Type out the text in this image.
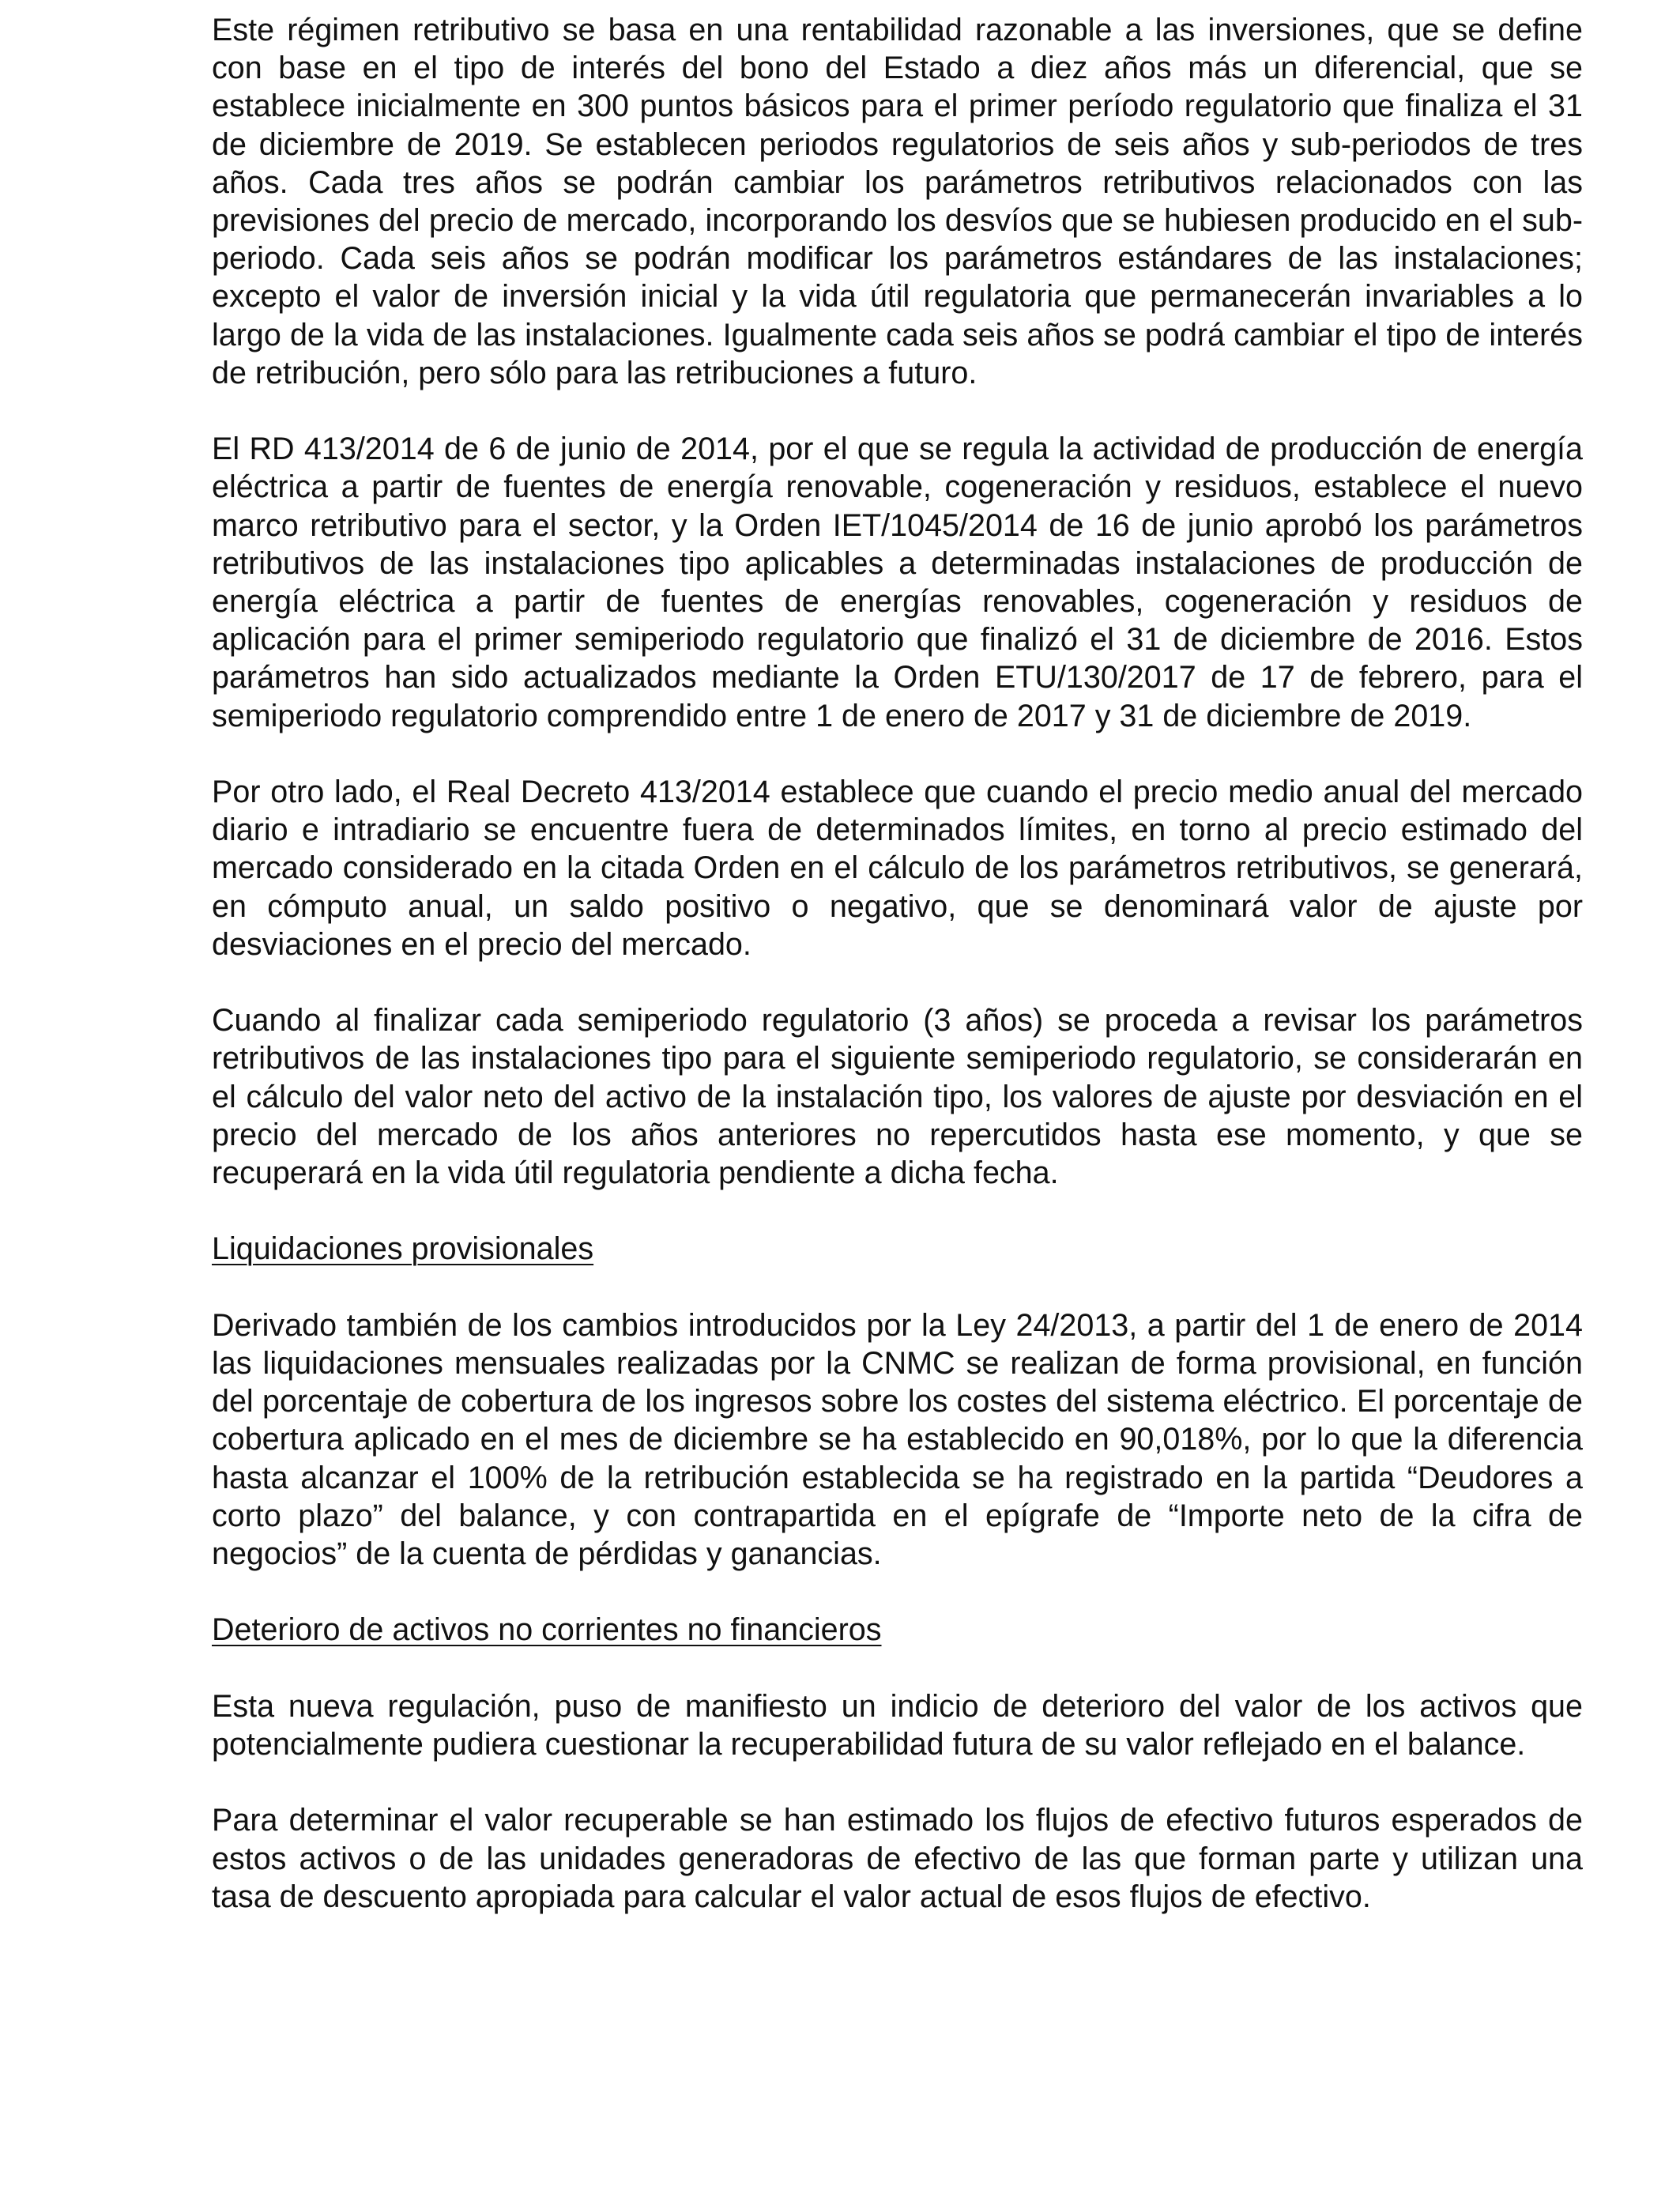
Este régimen retributivo se basa en una rentabilidad razonable a las inversiones, que se define con base en el tipo de interés del bono del Estado a diez años más un diferencial, que se establece inicialmente en 300 puntos básicos para el primer período regulatorio que finaliza el 31 de diciembre de 2019. Se establecen periodos regulatorios de seis años y sub-periodos de tres años. Cada tres años se podrán cambiar los parámetros retributivos relacionados con las previsiones del precio de mercado, incorporando los desvíos que se hubiesen producido en el sub-periodo. Cada seis años se podrán modificar los parámetros estándares de las instalaciones; excepto el valor de inversión inicial y la vida útil regulatoria que permanecerán invariables a lo largo de la vida de las instalaciones. Igualmente cada seis años se podrá cambiar el tipo de interés de retribución, pero sólo para las retribuciones a futuro.

El RD 413/2014 de 6 de junio de 2014, por el que se regula la actividad de producción de energía eléctrica a partir de fuentes de energía renovable, cogeneración y residuos, establece el nuevo marco retributivo para el sector, y la Orden IET/1045/2014 de 16 de junio aprobó los parámetros retributivos de las instalaciones tipo aplicables a determinadas instalaciones de producción de energía eléctrica a partir de fuentes de energías renovables, cogeneración y residuos de aplicación para el primer semiperiodo regulatorio que finalizó el 31 de diciembre de 2016. Estos parámetros han sido actualizados mediante la Orden ETU/130/2017 de 17 de febrero, para el semiperiodo regulatorio comprendido entre 1 de enero de 2017 y 31 de diciembre de 2019.

Por otro lado, el Real Decreto 413/2014 establece que cuando el precio medio anual del mercado diario e intradiario se encuentre fuera de determinados límites, en torno al precio estimado del mercado considerado en la citada Orden en el cálculo de los parámetros retributivos, se generará, en cómputo anual, un saldo positivo o negativo, que se denominará valor de ajuste por desviaciones en el precio del mercado.

Cuando al finalizar cada semiperiodo regulatorio (3 años) se proceda a revisar los parámetros retributivos de las instalaciones tipo para el siguiente semiperiodo regulatorio, se considerarán en el cálculo del valor neto del activo de la instalación tipo, los valores de ajuste por desviación en el precio del mercado de los años anteriores no repercutidos hasta ese momento, y que se recuperará en la vida útil regulatoria pendiente a dicha fecha.

Liquidaciones provisionales

Derivado también de los cambios introducidos por la Ley 24/2013, a partir del 1 de enero de 2014 las liquidaciones mensuales realizadas por la CNMC se realizan de forma provisional, en función del porcentaje de cobertura de los ingresos sobre los costes del sistema eléctrico. El porcentaje de cobertura aplicado en el mes de diciembre se ha establecido en 90,018%, por lo que la diferencia hasta alcanzar el 100% de la retribución establecida se ha registrado en la partida “Deudores a corto plazo” del balance, y con contrapartida en el epígrafe de “Importe neto de la cifra de negocios” de la cuenta de pérdidas y ganancias.

Deterioro de activos no corrientes no financieros

Esta nueva regulación, puso de manifiesto un indicio de deterioro del valor de los activos que potencialmente pudiera cuestionar la recuperabilidad futura de su valor reflejado en el balance.

Para determinar el valor recuperable se han estimado los flujos de efectivo futuros esperados de estos activos o de las unidades generadoras de efectivo de las que forman parte y utilizan una tasa de descuento apropiada para calcular el valor actual de esos flujos de efectivo.
